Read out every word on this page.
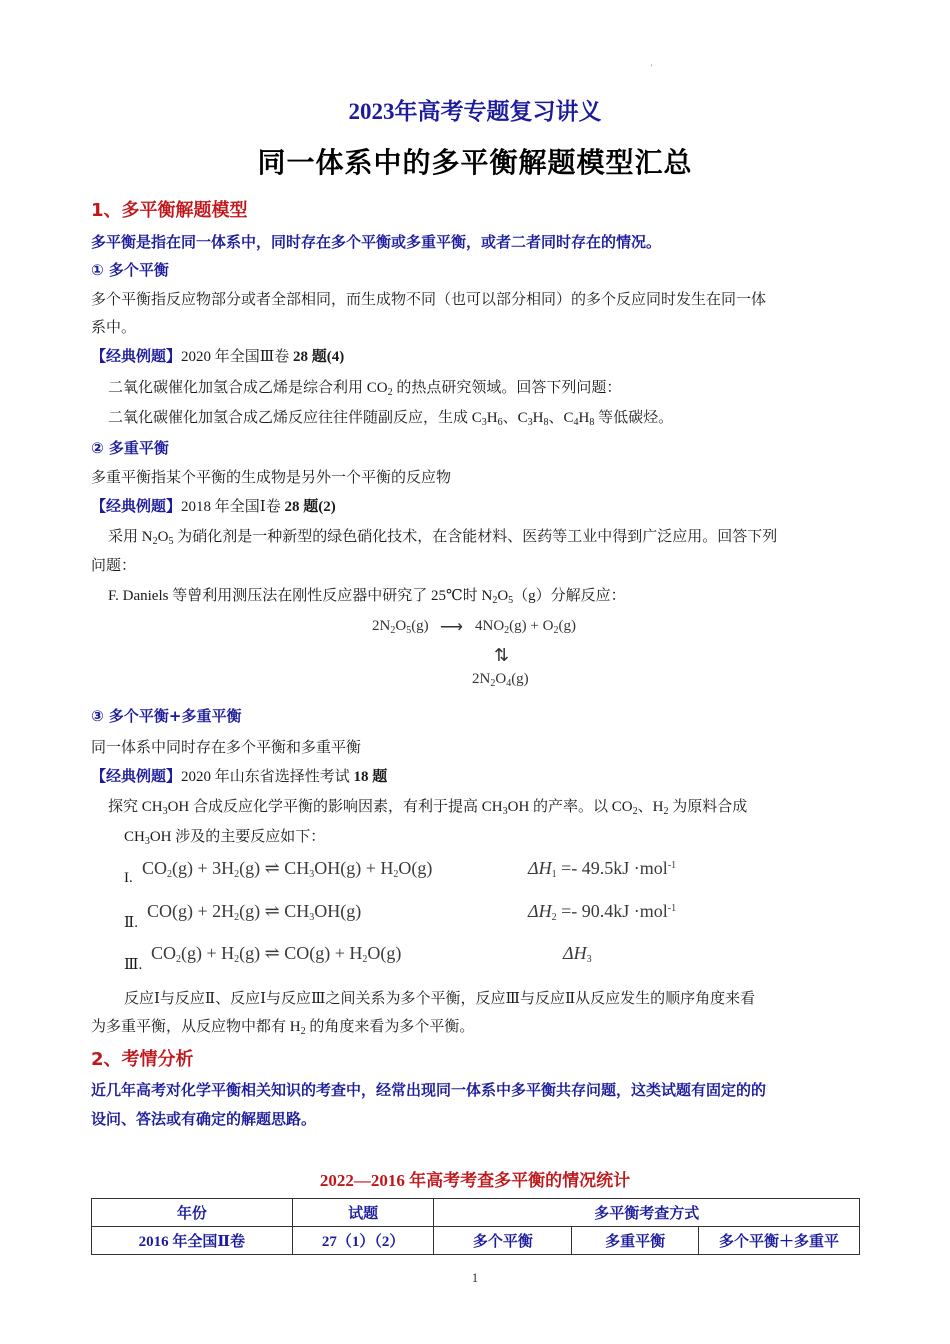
'
2023年高考专题复习讲义
同一体系中的多平衡解题模型汇总
1、多平衡解题模型
多平衡是指在同一体系中，同时存在多个平衡或多重平衡，或者二者同时存在的情况。
① 多个平衡
多个平衡指反应物部分或者全部相同，而生成物不同（也可以部分相同）的多个反应同时发生在同一体
系中。
【经典例题】2020 年全国Ⅲ卷 28 题(4)
二氧化碳催化加氢合成乙烯是综合利用 $CO_2$ 的热点研究领域。回答下列问题：
二氧化碳催化加氢合成乙烯反应往往伴随副反应，生成 $C_3H_6$、$C_3H_8$、$C_4H_8$ 等低碳烃。
② 多重平衡
多重平衡指某个平衡的生成物是另外一个平衡的反应物
【经典例题】2018 年全国Ⅰ卷 28 题(2)
采用 $N_2O_5$ 为硝化剂是一种新型的绿色硝化技术，在含能材料、医药等工业中得到广泛应用。回答下列
问题：
F. Daniels 等曾利用测压法在刚性反应器中研究了 25℃时 $N_2O_5(g)$分解反应：
$2N_2O_5(g)$ ⟶ $4NO_2(g) + O_2(g)$
⇅
$2N_2O_4(g)$
③ 多个平衡+多重平衡
同一体系中同时存在多个平衡和多重平衡
【经典例题】2020 年山东省选择性考试 18 题
探究 $CH_3OH$ 合成反应化学平衡的影响因素，有利于提高 $CH_3OH$ 的产率。以 $CO_2$、$H_2$ 为原料合成
$CH_3OH$ 涉及的主要反应如下：
I. $CO_2(g) + 3H_2(g)$ ⇌ $CH_3OH(g) + H_2O(g)$	$\Delta H_1 =- 49.5kJ \cdot mol^{-1}$
Ⅱ.
$CO(g) + 2H_2(g)$ ⇌ $CH_3OH(g)$	$\Delta H_2 =- 90.4kJ \cdot mol^{-1}$
Ⅲ.
$CO_2(g) + H_2(g)$ ⇌ $CO(g) + H_2O(g)$	$\Delta H_3$
反应Ⅰ与反应Ⅱ、反应Ⅰ与反应Ⅲ之间关系为多个平衡，反应Ⅲ与反应Ⅱ从反应发生的顺序角度来看
为多重平衡，从反应物中都有 $H_2$ 的角度来看为多个平衡。
2、考情分析
近几年高考对化学平衡相关知识的考查中，经常出现同一体系中多平衡共存问题，这类试题有固定的的
设问、答法或有确定的解题思路。
2022—2016 年高考考查多平衡的情况统计
年份	试题	多平衡考查方式		
2016 年全国Ⅱ卷	27（1）（2）	多个平衡	多重平衡	多个平衡＋多重平
1
